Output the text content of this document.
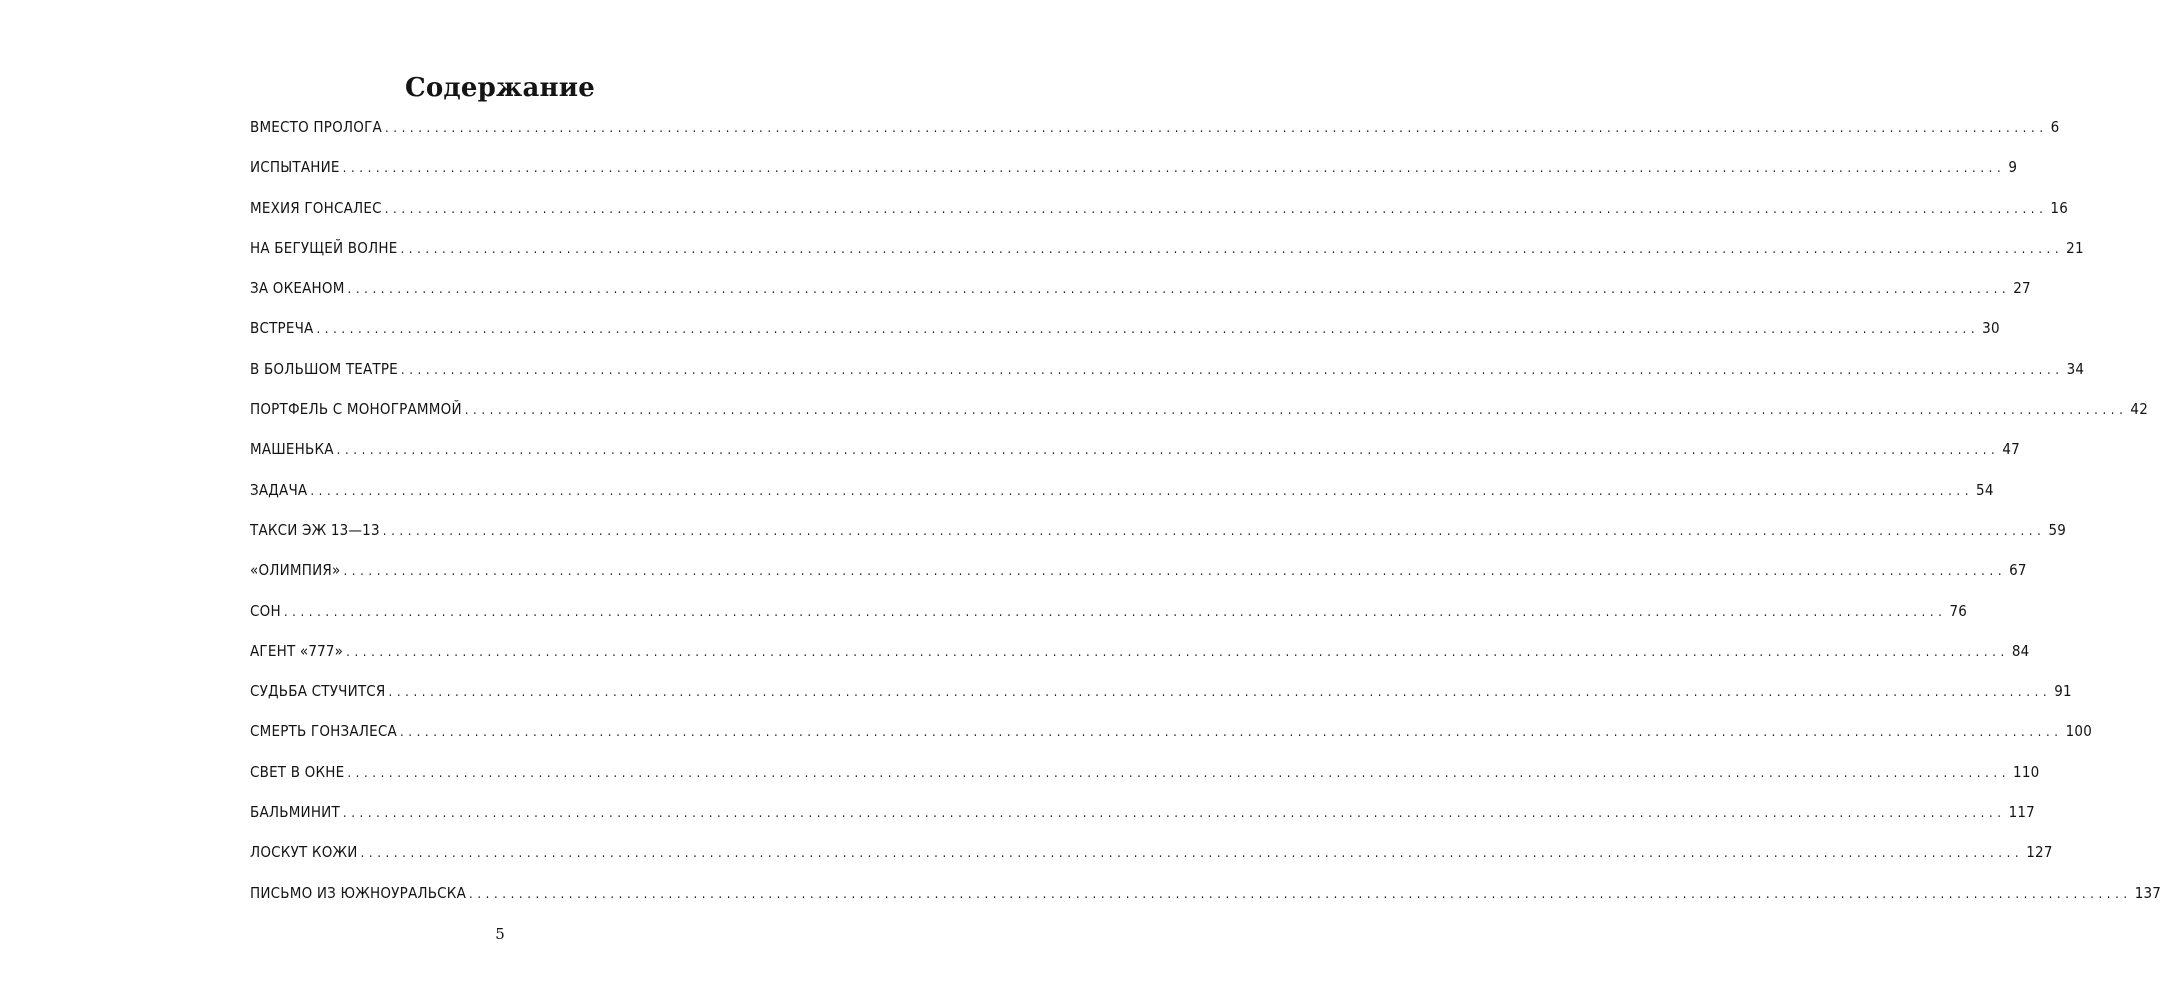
Содержание
ВМЕСТО ПРОЛОГА ........................................................................................................................................................................................................ 6
ИСПЫТАНИЕ ........................................................................................................................................................................................................ 9
МЕХИЯ ГОНСАЛЕС ........................................................................................................................................................................................................ 16
НА БЕГУЩЕЙ ВОЛНЕ ........................................................................................................................................................................................................ 21
ЗА ОКЕАНОМ ........................................................................................................................................................................................................ 27
ВСТРЕЧА ........................................................................................................................................................................................................ 30
В БОЛЬШОМ ТЕАТРЕ ........................................................................................................................................................................................................ 34
ПОРТФЕЛЬ С МОНОГРАММОЙ ........................................................................................................................................................................................................ 42
МАШЕНЬКА ........................................................................................................................................................................................................ 47
ЗАДАЧА ........................................................................................................................................................................................................ 54
ТАКСИ ЭЖ 13—13 ........................................................................................................................................................................................................ 59
«ОЛИМПИЯ» ........................................................................................................................................................................................................ 67
СОН ........................................................................................................................................................................................................ 76
АГЕНТ «777» ........................................................................................................................................................................................................ 84
СУДЬБА СТУЧИТСЯ ........................................................................................................................................................................................................ 91
СМЕРТЬ ГОНЗАЛЕСА ........................................................................................................................................................................................................ 100
СВЕТ В ОКНЕ ........................................................................................................................................................................................................ 110
БАЛЬМИНИТ ........................................................................................................................................................................................................ 117
ЛОСКУТ КОЖИ ........................................................................................................................................................................................................ 127
ПИСЬМО ИЗ ЮЖНОУРАЛЬСКА ........................................................................................................................................................................................................ 137
5
